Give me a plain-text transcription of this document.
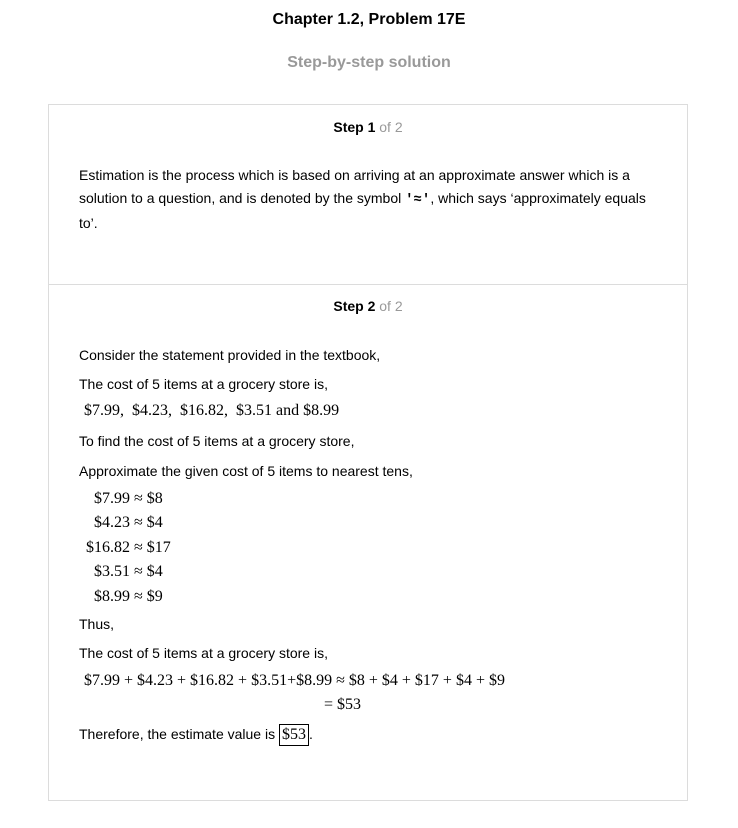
Chapter 1.2, Problem 17E
Step-by-step solution
Step 1 of 2
Estimation is the process which is based on arriving at an approximate answer which is a solution to a question, and is denoted by the symbol '≈', which says ‘approximately equals to’.
Step 2 of 2
Consider the statement provided in the textbook,
The cost of 5 items at a grocery store is,
$7.99,  $4.23,  $16.82,  $3.51 and $8.99
To find the cost of 5 items at a grocery store,
Approximate the given cost of 5 items to nearest tens,
$7.99 ≈ $8
$4.23 ≈ $4
$16.82 ≈ $17
$3.51 ≈ $4
$8.99 ≈ $9
Thus,
The cost of 5 items at a grocery store is,
$7.99 + $4.23 + $16.82 + $3.51+$8.99 ≈ $8 + $4 + $17 + $4 + $9
= $53
Therefore, the estimate value is $53 .
